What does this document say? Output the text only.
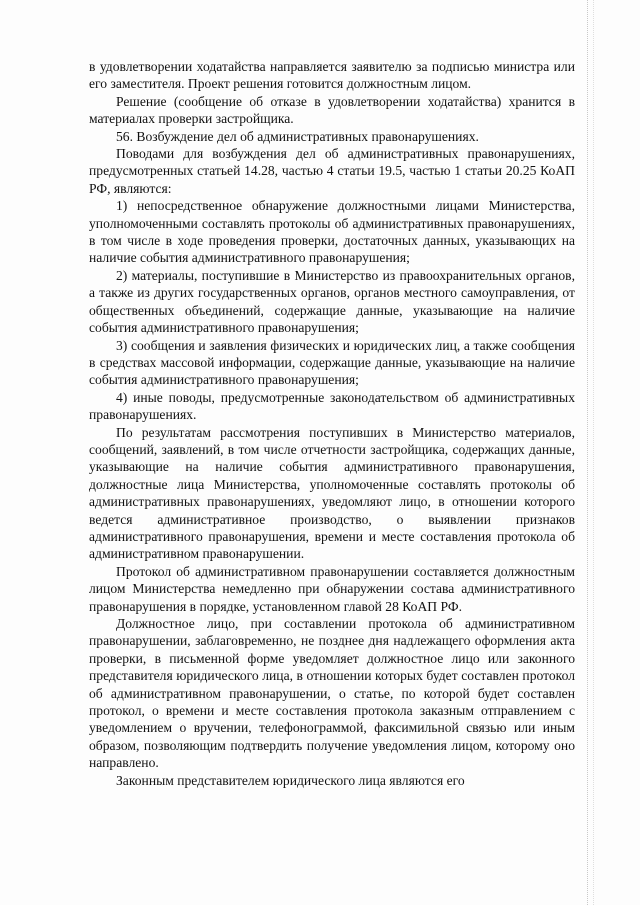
в удовлетворении ходатайства направляется заявителю за подписью министра или его заместителя. Проект решения готовится должностным лицом.

Решение (сообщение об отказе в удовлетворении ходатайства) хранится в материалах проверки застройщика.

56. Возбуждение дел об административных правонарушениях.

Поводами для возбуждения дел об административных правонарушениях, предусмотренных статьей 14.28, частью 4 статьи 19.5, частью 1 статьи 20.25 КоАП РФ, являются:

1) непосредственное обнаружение должностными лицами Министерства, уполномоченными составлять протоколы об административных правонарушениях, в том числе в ходе проведения проверки, достаточных данных, указывающих на наличие события административного правонарушения;

2) материалы, поступившие в Министерство из правоохранительных органов, а также из других государственных органов, органов местного самоуправления, от общественных объединений, содержащие данные, указывающие на наличие события административного правонарушения;

3) сообщения и заявления физических и юридических лиц, а также сообщения в средствах массовой информации, содержащие данные, указывающие на наличие события административного правонарушения;

4) иные поводы, предусмотренные законодательством об административных правонарушениях.

По результатам рассмотрения поступивших в Министерство материалов, сообщений, заявлений, в том числе отчетности застройщика, содержащих данные, указывающие на наличие события административного правонарушения, должностные лица Министерства, уполномоченные составлять протоколы об административных правонарушениях, уведомляют лицо, в отношении которого ведется административное производство, о выявлении признаков административного правонарушения, времени и месте составления протокола об административном правонарушении.

Протокол об административном правонарушении составляется должностным лицом Министерства немедленно при обнаружении состава административного правонарушения в порядке, установленном главой 28 КоАП РФ.

Должностное лицо, при составлении протокола об административном правонарушении, заблаговременно, не позднее дня надлежащего оформления акта проверки, в письменной форме уведомляет должностное лицо или законного представителя юридического лица, в отношении которых будет составлен протокол об административном правонарушении, о статье, по которой будет составлен протокол, о времени и месте составления протокола заказным отправлением с уведомлением о вручении, телефонограммой, факсимильной связью или иным образом, позволяющим подтвердить получение уведомления лицом, которому оно направлено.

Законным представителем юридического лица являются его
